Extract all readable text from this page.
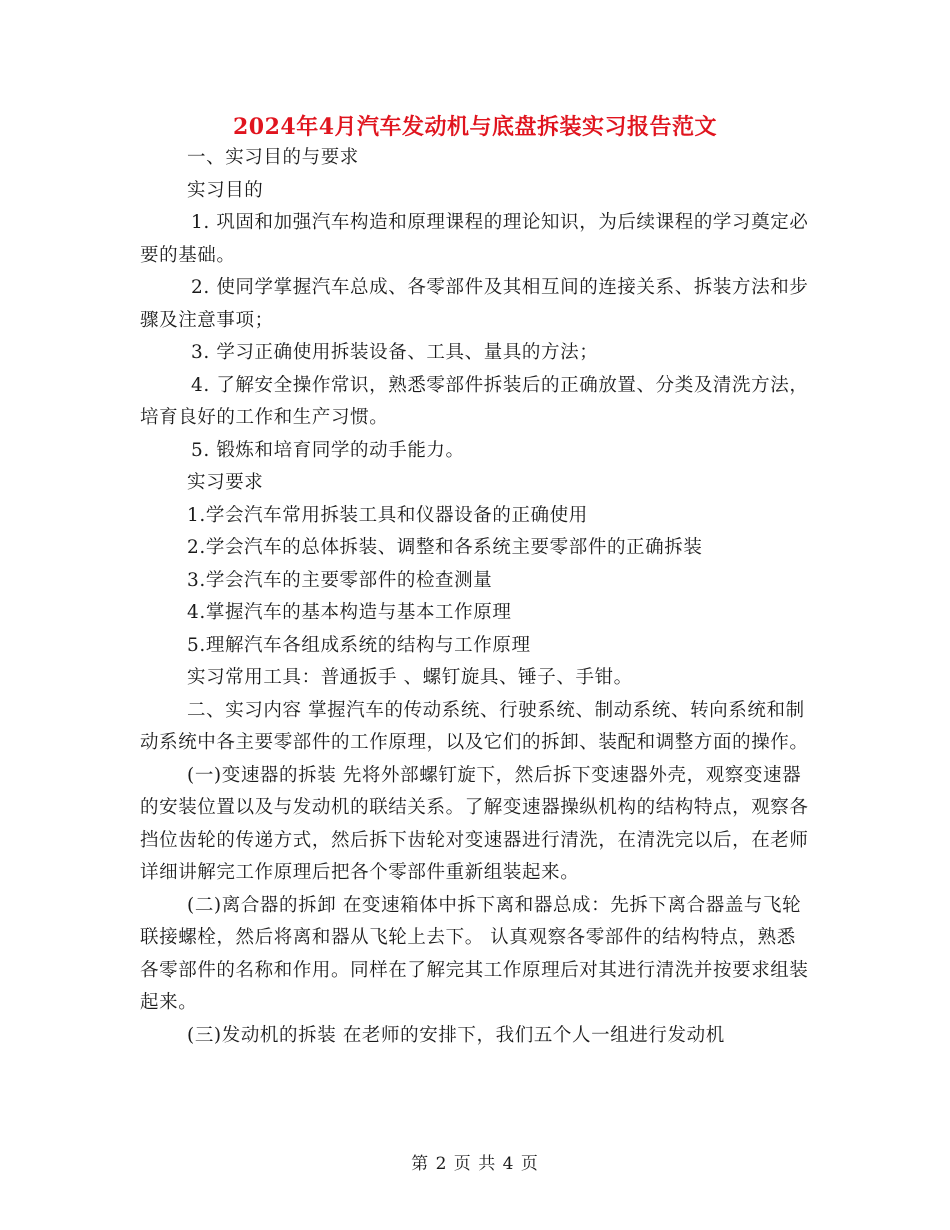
2024年4月汽车发动机与底盘拆装实习报告范文

一、实习目的与要求

实习目的

1. 巩固和加强汽车构造和原理课程的理论知识，为后续课程的学习奠定必要的基础。

2. 使同学掌握汽车总成、各零部件及其相互间的连接关系、拆装方法和步骤及注意事项；

3. 学习正确使用拆装设备、工具、量具的方法；

4. 了解安全操作常识，熟悉零部件拆装后的正确放置、分类及清洗方法，培育良好的工作和生产习惯。

5. 锻炼和培育同学的动手能力。

实习要求

1.学会汽车常用拆装工具和仪器设备的正确使用

2.学会汽车的总体拆装、调整和各系统主要零部件的正确拆装

3.学会汽车的主要零部件的检查测量

4.掌握汽车的基本构造与基本工作原理

5.理解汽车各组成系统的结构与工作原理

实习常用工具：普通扳手 、螺钉旋具、锤子、手钳。

二、实习内容 掌握汽车的传动系统、行驶系统、制动系统、转向系统和制动系统中各主要零部件的工作原理，以及它们的拆卸、装配和调整方面的操作。

(一)变速器的拆装 先将外部螺钉旋下，然后拆下变速器外壳，观察变速器的安装位置以及与发动机的联结关系。了解变速器操纵机构的结构特点，观察各挡位齿轮的传递方式，然后拆下齿轮对变速器进行清洗，在清洗完以后，在老师详细讲解完工作原理后把各个零部件重新组装起来。

(二)离合器的拆卸 在变速箱体中拆下离和器总成：先拆下离合器盖与飞轮联接螺栓，然后将离和器从飞轮上去下。 认真观察各零部件的结构特点，熟悉各零部件的名称和作用。同样在了解完其工作原理后对其进行清洗并按要求组装起来。

(三)发动机的拆装 在老师的安排下，我们五个人一组进行发动机

第 2 页 共 4 页
